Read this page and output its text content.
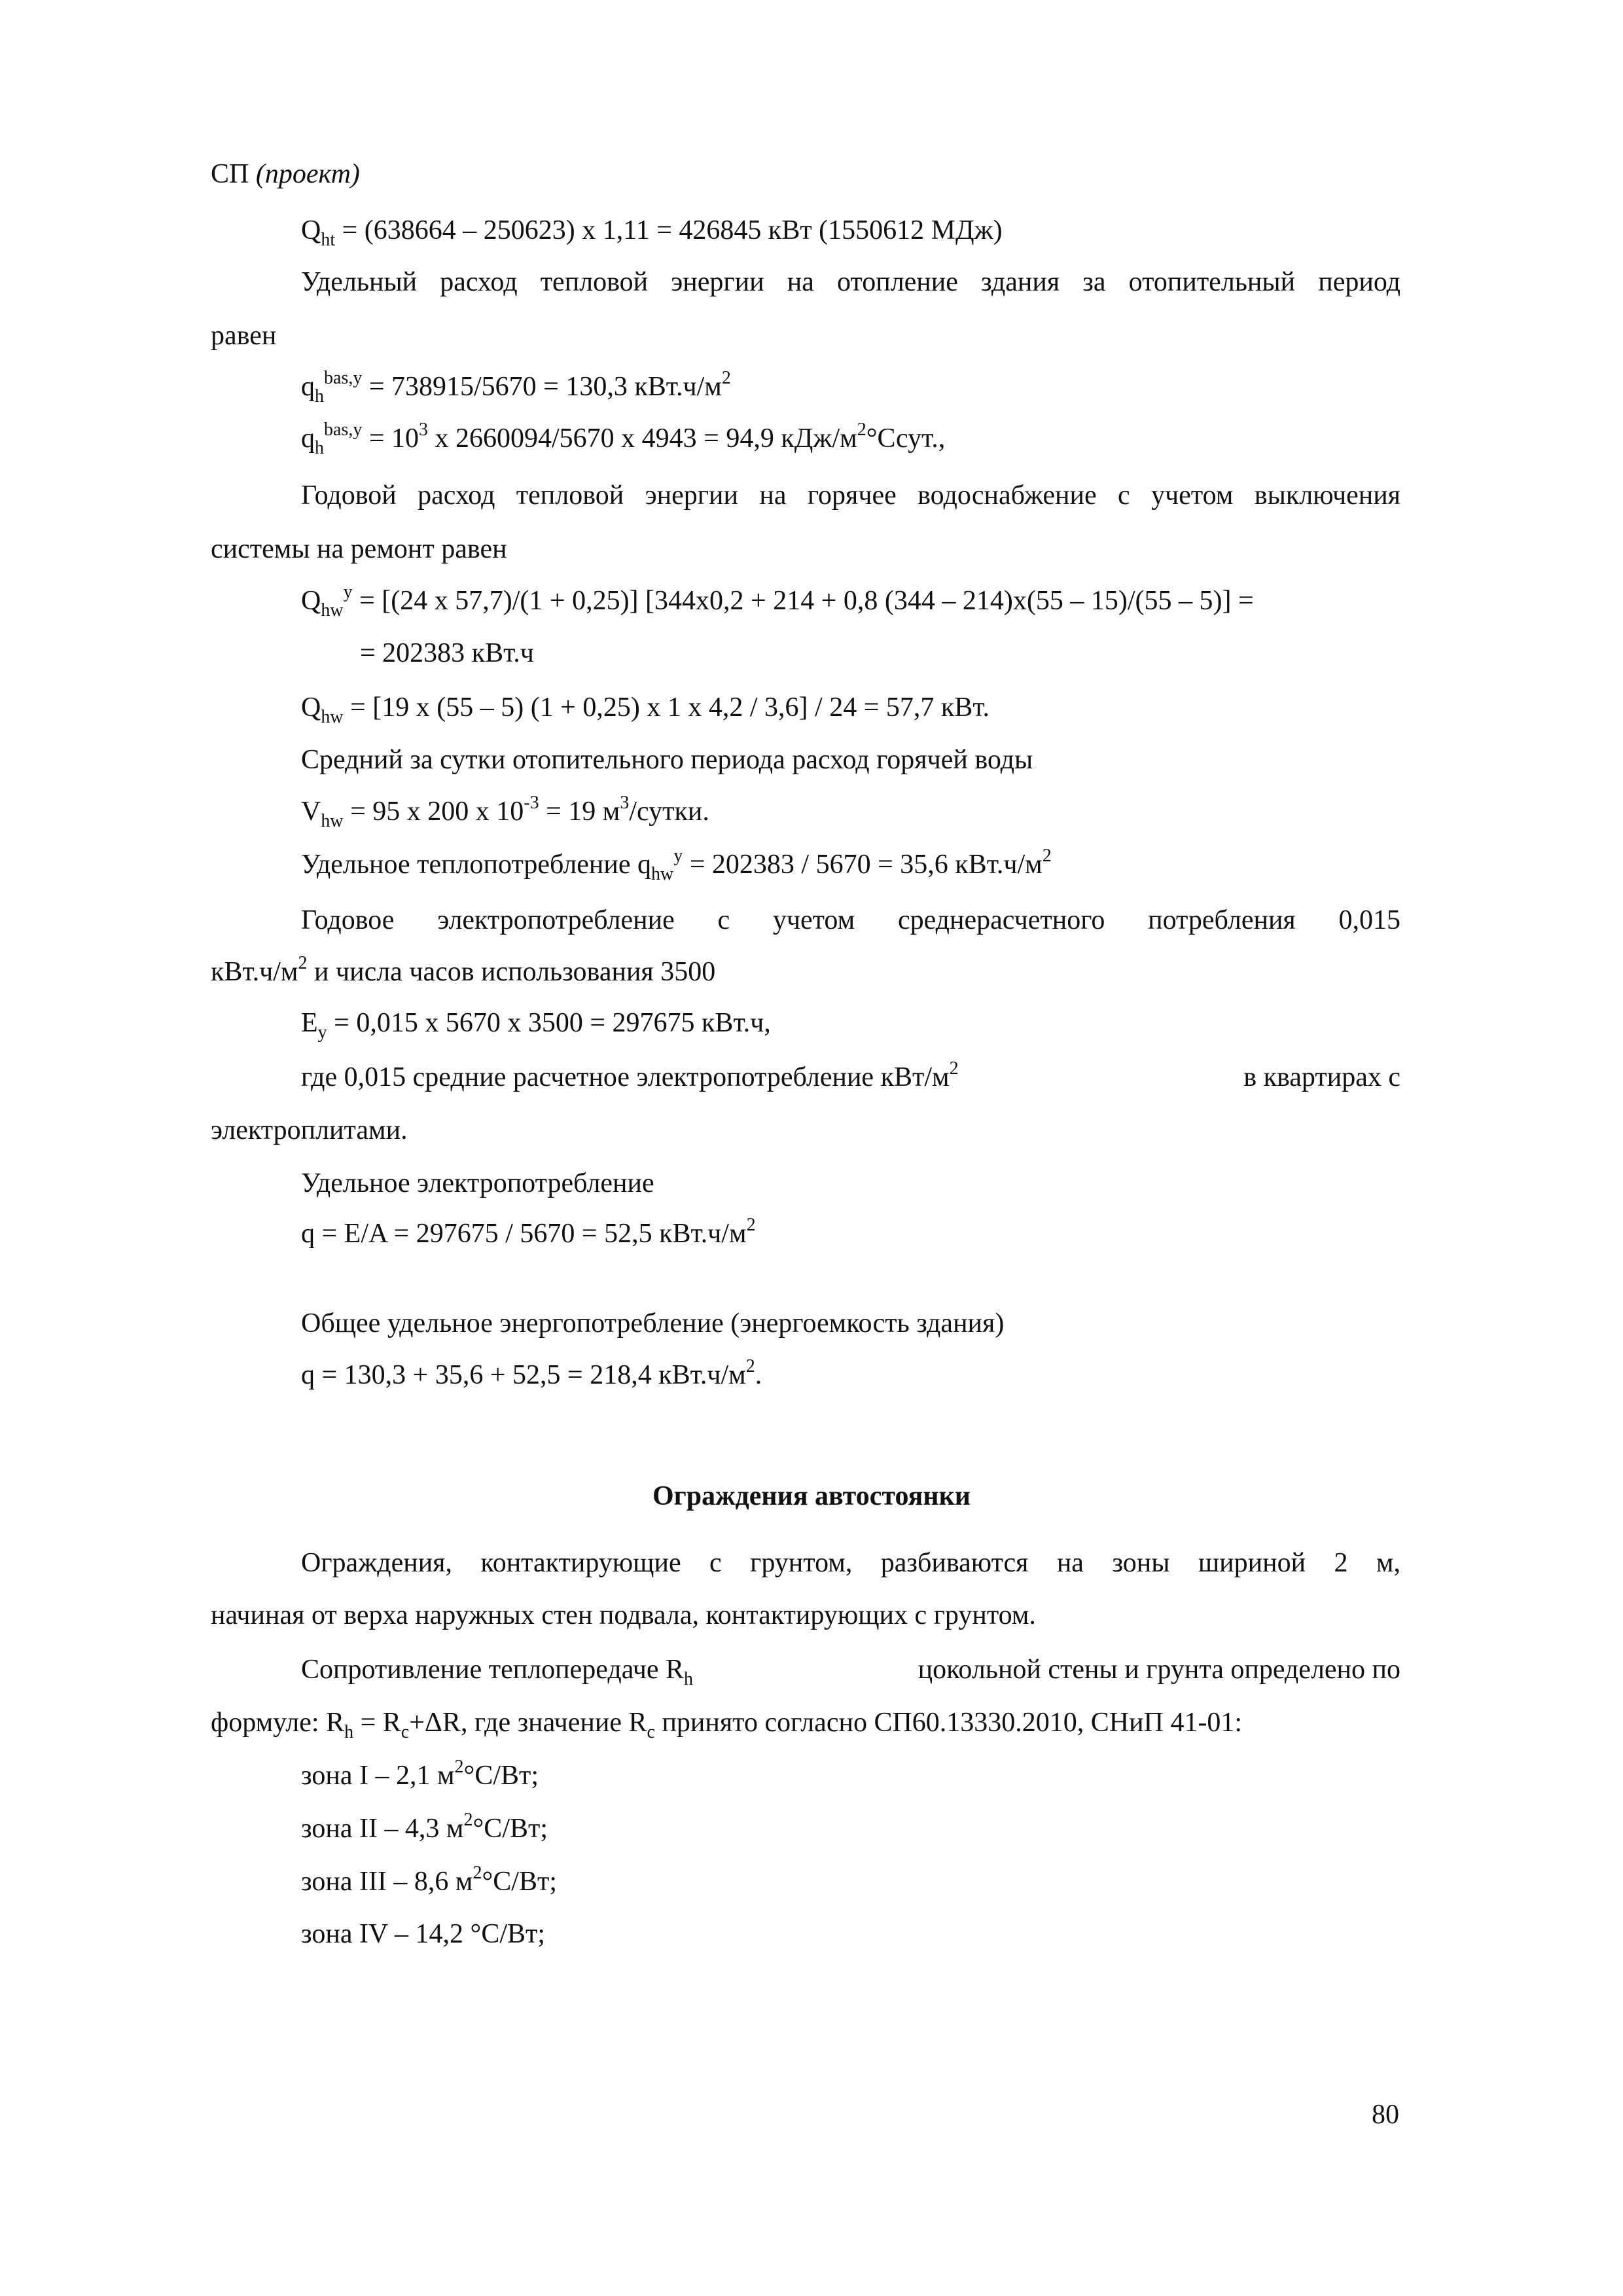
СП (проект)
$Q_{ht} = (638664 - 250623)$ x 1,11 = 426845 кВт (1550612 МДж)
Удельный расход тепловой энергии на отопление здания за отопительный период
равен
$q_h^{bas,y} = 738915/5670 = 130,3$ $кВт.ч/м^2$
$q_h^{bas,y} = 10^3$ x 2660094/5670 x 4943 = 94,9 кДж/$м^2^\circ Ссут$.,
Годовой расход тепловой энергии на горячее водоснабжение с учетом выключения
системы на ремонт равен
$Q_{hw}^y = [(24$ x 57,7)/(1 + 0,25)] [344x0,2 + 214 + 0,8 (344 – 214)x(55 – 15)/(55 – 5)] =
= 202383 кВт.ч
$Q_{hw} = [19$ x (55 – 5) (1 + 0,25) x 1 x 4,2 / 3,6] / 24 = 57,7 кВт.
Средний за сутки отопительного периода расход горячей воды
$V_{hw} = 95$ x 200 x $10^{-3} = 19$ $м^3$/сутки.
Удельное теплопотребление $q_{hw}^y = 202383 / 5670 = 35,6$ $кВт.ч/м^2$
Годовое электропотребление с учетом среднерасчетного потребления 0,015
$кВт.ч/м^2$ и числа часов использования 3500
$E_y = 0,015$ x 5670 x 3500 = 297675 кВт.ч,
где 0,015 средние расчетное электропотребление кВт/$м^2$	в квартирах с
электроплитами.
Удельное электропотребление
q = E/A = 297675 / 5670 = 52,5 $кВт.ч/м^2$
Общее удельное энергопотребление (энергоемкость здания)
q = 130,3 + 35,6 + 52,5 = 218,4 $кВт.ч/м^2$.
Ограждения автостоянки
Ограждения, контактирующие с грунтом, разбиваются на зоны шириной 2 м,
начиная от верха наружных стен подвала, контактирующих с грунтом.
Сопротивление теплопередаче $R_h$	цокольной стены и грунта определено по
формуле: $R_h = R_c+\Delta R$, где значение $R_c$ принято согласно СП60.13330.2010, СНиП 41-01:
зона I – 2,1 $м^2^\circ С/Вт$;
зона II – 4,3 $м^2^\circ С/Вт$;
зона III – 8,6 $м^2^\circ С/Вт$;
зона IV – 14,2 °С/Вт;
80
